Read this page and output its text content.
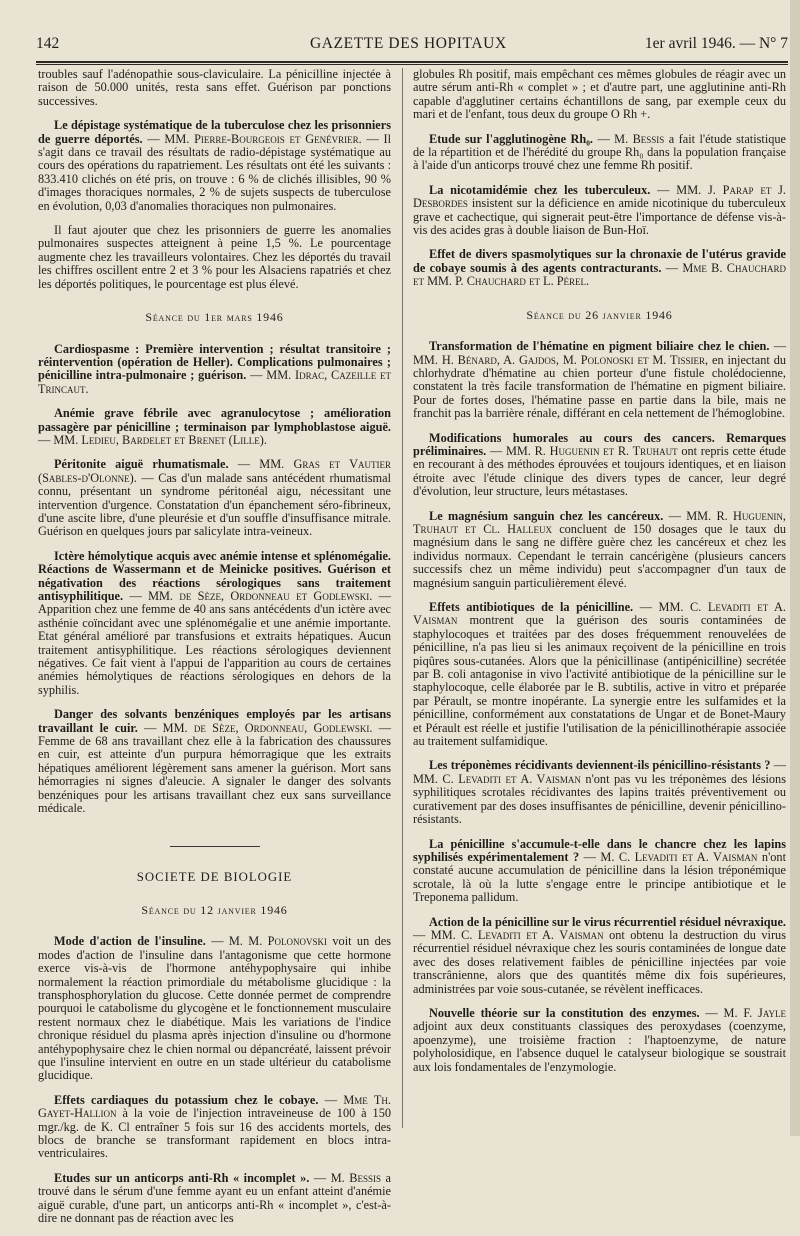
142	GAZETTE DES HOPITAUX	1er avril 1946. — N° 7

troubles sauf l'adénopathie sous-claviculaire. La pénicilline injectée à raison de 50.000 unités, resta sans effet. Guérison par ponctions successives.

Le dépistage systématique de la tuberculose chez les prisonniers de guerre déportés. — MM. Pierre-Bourgeois et Genévrier. — Il s'agit dans ce travail des résultats de radio-dépistage systématique au cours des opérations du rapatriement. Les résultats ont été les suivants : 833.410 clichés on été pris, on trouve : 6 % de clichés illisibles, 90 % d'images thoraciques normales, 2 % de sujets suspects de tuberculose en évolution, 0,03 d'anomalies thoraciques non pulmonaires.

Il faut ajouter que chez les prisonniers de guerre les anomalies pulmonaires suspectes atteignent à peine 1,5 %. Le pourcentage augmente chez les travailleurs volontaires. Chez les déportés du travail les chiffres oscillent entre 2 et 3 % pour les Alsaciens rapatriés et chez les déportés politiques, le pourcentage est plus élevé.

Séance du 1er mars 1946

Cardiospasme : Première intervention ; résultat transitoire ; réintervention (opération de Heller). Complications pulmonaires ; pénicilline intra-pulmonaire ; guérison. — MM. Idrac, Cazeille et Trincaut.

Anémie grave fébrile avec agranulocytose ; amélioration passagère par pénicilline ; terminaison par lymphoblastose aiguë. — MM. Ledieu, Bardelet et Brenet (Lille).

Péritonite aiguë rhumatismale. — MM. Gras et Vautier (Sables-d'Olonne). — Cas d'un malade sans antécédent rhumatismal connu, présentant un syndrome péritonéal aigu, nécessitant une intervention d'urgence. Constatation d'un épanchement séro-fibrineux, d'une ascite libre, d'une pleurésie et d'un souffle d'insuffisance mitrale. Guérison en quelques jours par salicylate intra-veineux.

Ictère hémolytique acquis avec anémie intense et splénomégalie. Réactions de Wassermann et de Meinicke positives. Guérison et négativation des réactions sérologiques sans traitement antisyphilitique. — MM. de Sèze, Ordonneau et Godlewski. — Apparition chez une femme de 40 ans sans antécédents d'un ictère avec asthénie coïncidant avec une splénomégalie et une anémie importante. Etat général amélioré par transfusions et extraits hépatiques. Aucun traitement antisyphilitique. Les réactions sérologiques deviennent négatives. Ce fait vient à l'appui de l'apparition au cours de certaines anémies hémolytiques de réactions sérologiques en dehors de la syphilis.

Danger des solvants benzéniques employés par les artisans travaillant le cuir. — MM. de Sèze, Ordonneau, Godlewski. — Femme de 68 ans travaillant chez elle à la fabrication des chaussures en cuir, est atteinte d'un purpura hémorragique que les extraits hépatiques améliorent légèrement sans amener la guérison. Mort sans hémorragies ni signes d'aleucie. A signaler le danger des solvants benzéniques pour les artisans travaillant chez eux sans surveillance médicale.

SOCIETE DE BIOLOGIE
Séance du 12 janvier 1946

Mode d'action de l'insuline. — M. M. Polonovski voit un des modes d'action de l'insuline dans l'antagonisme que cette hormone exerce vis-à-vis de l'hormone antéhypophysaire qui inhibe normalement la réaction primordiale du métabolisme glucidique : la transphosphorylation du glucose. Cette donnée permet de comprendre pourquoi le catabolisme du glycogène et le fonctionnement musculaire restent normaux chez le diabétique. Mais les variations de l'indice chronique résiduel du plasma après injection d'insuline ou d'hormone antéhypophysaire chez le chien normal ou dépancréaté, laissent prévoir que l'insuline intervient en outre en un stade ultérieur du catabolisme glucidique.

Effets cardiaques du potassium chez le cobaye. — Mme Th. Gayet-Hallion à la voie de l'injection intraveineuse de 100 à 150 mgr./kg. de K. Cl entraîner 5 fois sur 16 des accidents mortels, des blocs de branche se transformant rapidement en blocs intra-ventriculaires.

Etudes sur un anticorps anti-Rh « incomplet ». — M. Bessis a trouvé dans le sérum d'une femme ayant eu un enfant atteint d'anémie aiguë curable, d'une part, un anticorps anti-Rh « incomplet », c'est-à-dire ne donnant pas de réaction avec les

globules Rh positif, mais empêchant ces mêmes globules de réagir avec un autre sérum anti-Rh « complet » ; et d'autre part, une agglutinine anti-Rh capable d'agglutiner certains échantillons de sang, par exemple ceux du mari et de l'enfant, tous deux du groupe O Rh +.

Etude sur l'agglutinogène Rh₀. — M. Bessis a fait l'étude statistique de la répartition et de l'hérédité du groupe Rh₀ dans la population française à l'aide d'un anticorps trouvé chez une femme Rh positif.

La nicotamidémie chez les tuberculeux. — MM. J. Parap et J. Desbordes insistent sur la déficience en amide nicotinique du tuberculeux grave et cachectique, qui signerait peut-être l'importance de défense vis-à-vis des acides gras à double liaison de Bun-Hoï.

Effet de divers spasmolytiques sur la chronaxie de l'utérus gravide de cobaye soumis à des agents contracturants. — Mme B. Chauchard et MM. P. Chauchard et L. Pérel.

Séance du 26 janvier 1946

Transformation de l'hématine en pigment biliaire chez le chien. — MM. H. Bénard, A. Gajdos, M. Polonoski et M. Tissier, en injectant du chlorhydrate d'hématine au chien porteur d'une fistule cholédocienne, constatent la très facile transformation de l'hématine en pigment biliaire. Pour de fortes doses, l'hématine passe en partie dans la bile, mais ne franchit pas la barrière rénale, différant en cela nettement de l'hémoglobine.

Modifications humorales au cours des cancers. Remarques préliminaires. — MM. R. Huguenin et R. Truhaut ont repris cette étude en recourant à des méthodes éprouvées et toujours identiques, et en liaison étroite avec l'étude clinique des divers types de cancer, leur degré d'évolution, leur structure, leurs métastases.

Le magnésium sanguin chez les cancéreux. — MM. R. Huguenin, Truhaut et Cl. Halleux concluent de 150 dosages que le taux du magnésium dans le sang ne diffère guère chez les cancéreux et chez les individus normaux. Cependant le terrain cancérigène (plusieurs cancers successifs chez un même individu) peut s'accompagner d'un taux de magnésium sanguin particulièrement élevé.

Effets antibiotiques de la pénicilline. — MM. C. Levaditi et A. Vaisman montrent que la guérison des souris contaminées de staphylocoques et traitées par des doses fréquemment renouvelées de pénicilline, n'a pas lieu si les animaux reçoivent de la pénicilline en trois piqûres sous-cutanées. Alors que la pénicillinase (antipénicilline) secrétée par B. coli antagonise in vivo l'activité antibiotique de la pénicilline sur le staphylocoque, celle élaborée par le B. subtilis, active in vitro et préparée par Pérault, se montre inopérante. La synergie entre les sulfamides et la pénicilline, conformément aux constatations de Ungar et de Bonet-Maury et Pérault est réelle et justifie l'utilisation de la pénicillinothérapie associée au traitement sulfamidique.

Les tréponèmes récidivants deviennent-ils pénicillino-résistants ? — MM. C. Levaditi et A. Vaisman n'ont pas vu les tréponèmes des lésions syphilitiques scrotales récidivantes des lapins traités préventivement ou curativement par des doses insuffisantes de pénicilline, devenir pénicillino-résistants.

La pénicilline s'accumule-t-elle dans le chancre chez les lapins syphilisés expérimentalement ? — M. C. Levaditi et A. Vaisman n'ont constaté aucune accumulation de pénicilline dans la lésion tréponémique scrotale, là où la lutte s'engage entre le principe antibiotique et le Treponema pallidum.

Action de la pénicilline sur le virus récurrentiel résiduel névraxique. — MM. C. Levaditi et A. Vaisman ont obtenu la destruction du virus récurrentiel résiduel névraxique chez les souris contaminées de longue date avec des doses relativement faibles de pénicilline injectées par voie transcrânienne, alors que des quantités même dix fois supérieures, administrées par voie sous-cutanée, se révèlent inefficaces.

Nouvelle théorie sur la constitution des enzymes. — M. F. Jayle adjoint aux deux constituants classiques des peroxydases (coenzyme, apoenzyme), une troisième fraction : l'haptoenzyme, de nature polyholosidique, en l'absence duquel le catalyseur biologique se soustrait aux lois fondamentales de l'enzymologie.
